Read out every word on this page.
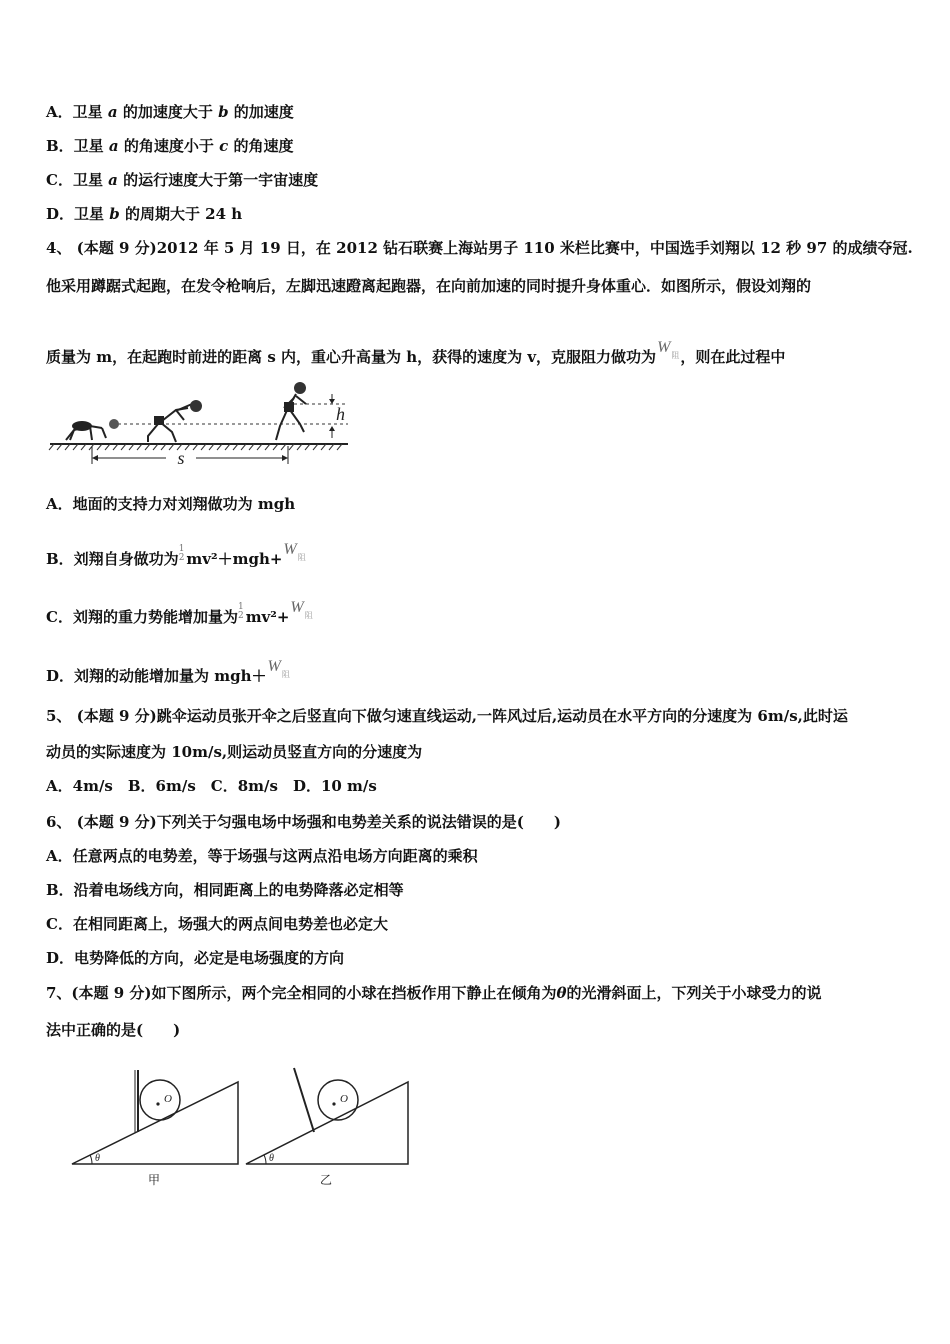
A．卫星 a 的加速度大于 b 的加速度
B．卫星 a 的角速度小于 c 的角速度
C．卫星 a 的运行速度大于第一宇宙速度
D．卫星 b 的周期大于 24 h
4、 (本题 9 分)2012 年 5 月 19 日，在 2012 钻石联赛上海站男子 110 米栏比赛中，中国选手刘翔以 12 秒 97 的成绩夺冠.
他采用蹲踞式起跑，在发令枪响后，左脚迅速蹬离起跑器，在向前加速的同时提升身体重心．如图所示，假设刘翔的
质量为 m，在起跑时前进的距离 s 内，重心升高量为 h，获得的速度为 v，克服阻力做功为$W_阻$，则在此过程中
s
h
A．地面的支持力对刘翔做功为 mgh
B．刘翔自身做功为
1
2 $mv^2+mgh+W_阻$
C．刘翔的重力势能增加量为
1
2 $mv^2+W_阻$
D．刘翔的动能增加量为 $mgh+W_阻$
5、 (本题 9 分)跳伞运动员张开伞之后竖直向下做匀速直线运动,一阵风过后,运动员在水平方向的分速度为 6m/s,此时运
动员的实际速度为 10m/s,则运动员竖直方向的分速度为
A．4m/s　B．6m/s　C．8m/s　D．10 m/s
6、 (本题 9 分)下列关于匀强电场中场强和电势差关系的说法错误的是(　　)
A．任意两点的电势差，等于场强与这两点沿电场方向距离的乘积
B．沿着电场线方向，相同距离上的电势降落必定相等
C．在相同距离上，场强大的两点间电势差也必定大
D．电势降低的方向，必定是电场强度的方向
7、(本题 9 分)如下图所示，两个完全相同的小球在挡板作用下静止在倾角为θ的光滑斜面上，下列关于小球受力的说
法中正确的是(　　)
O
θ
甲
O
θ
乙
